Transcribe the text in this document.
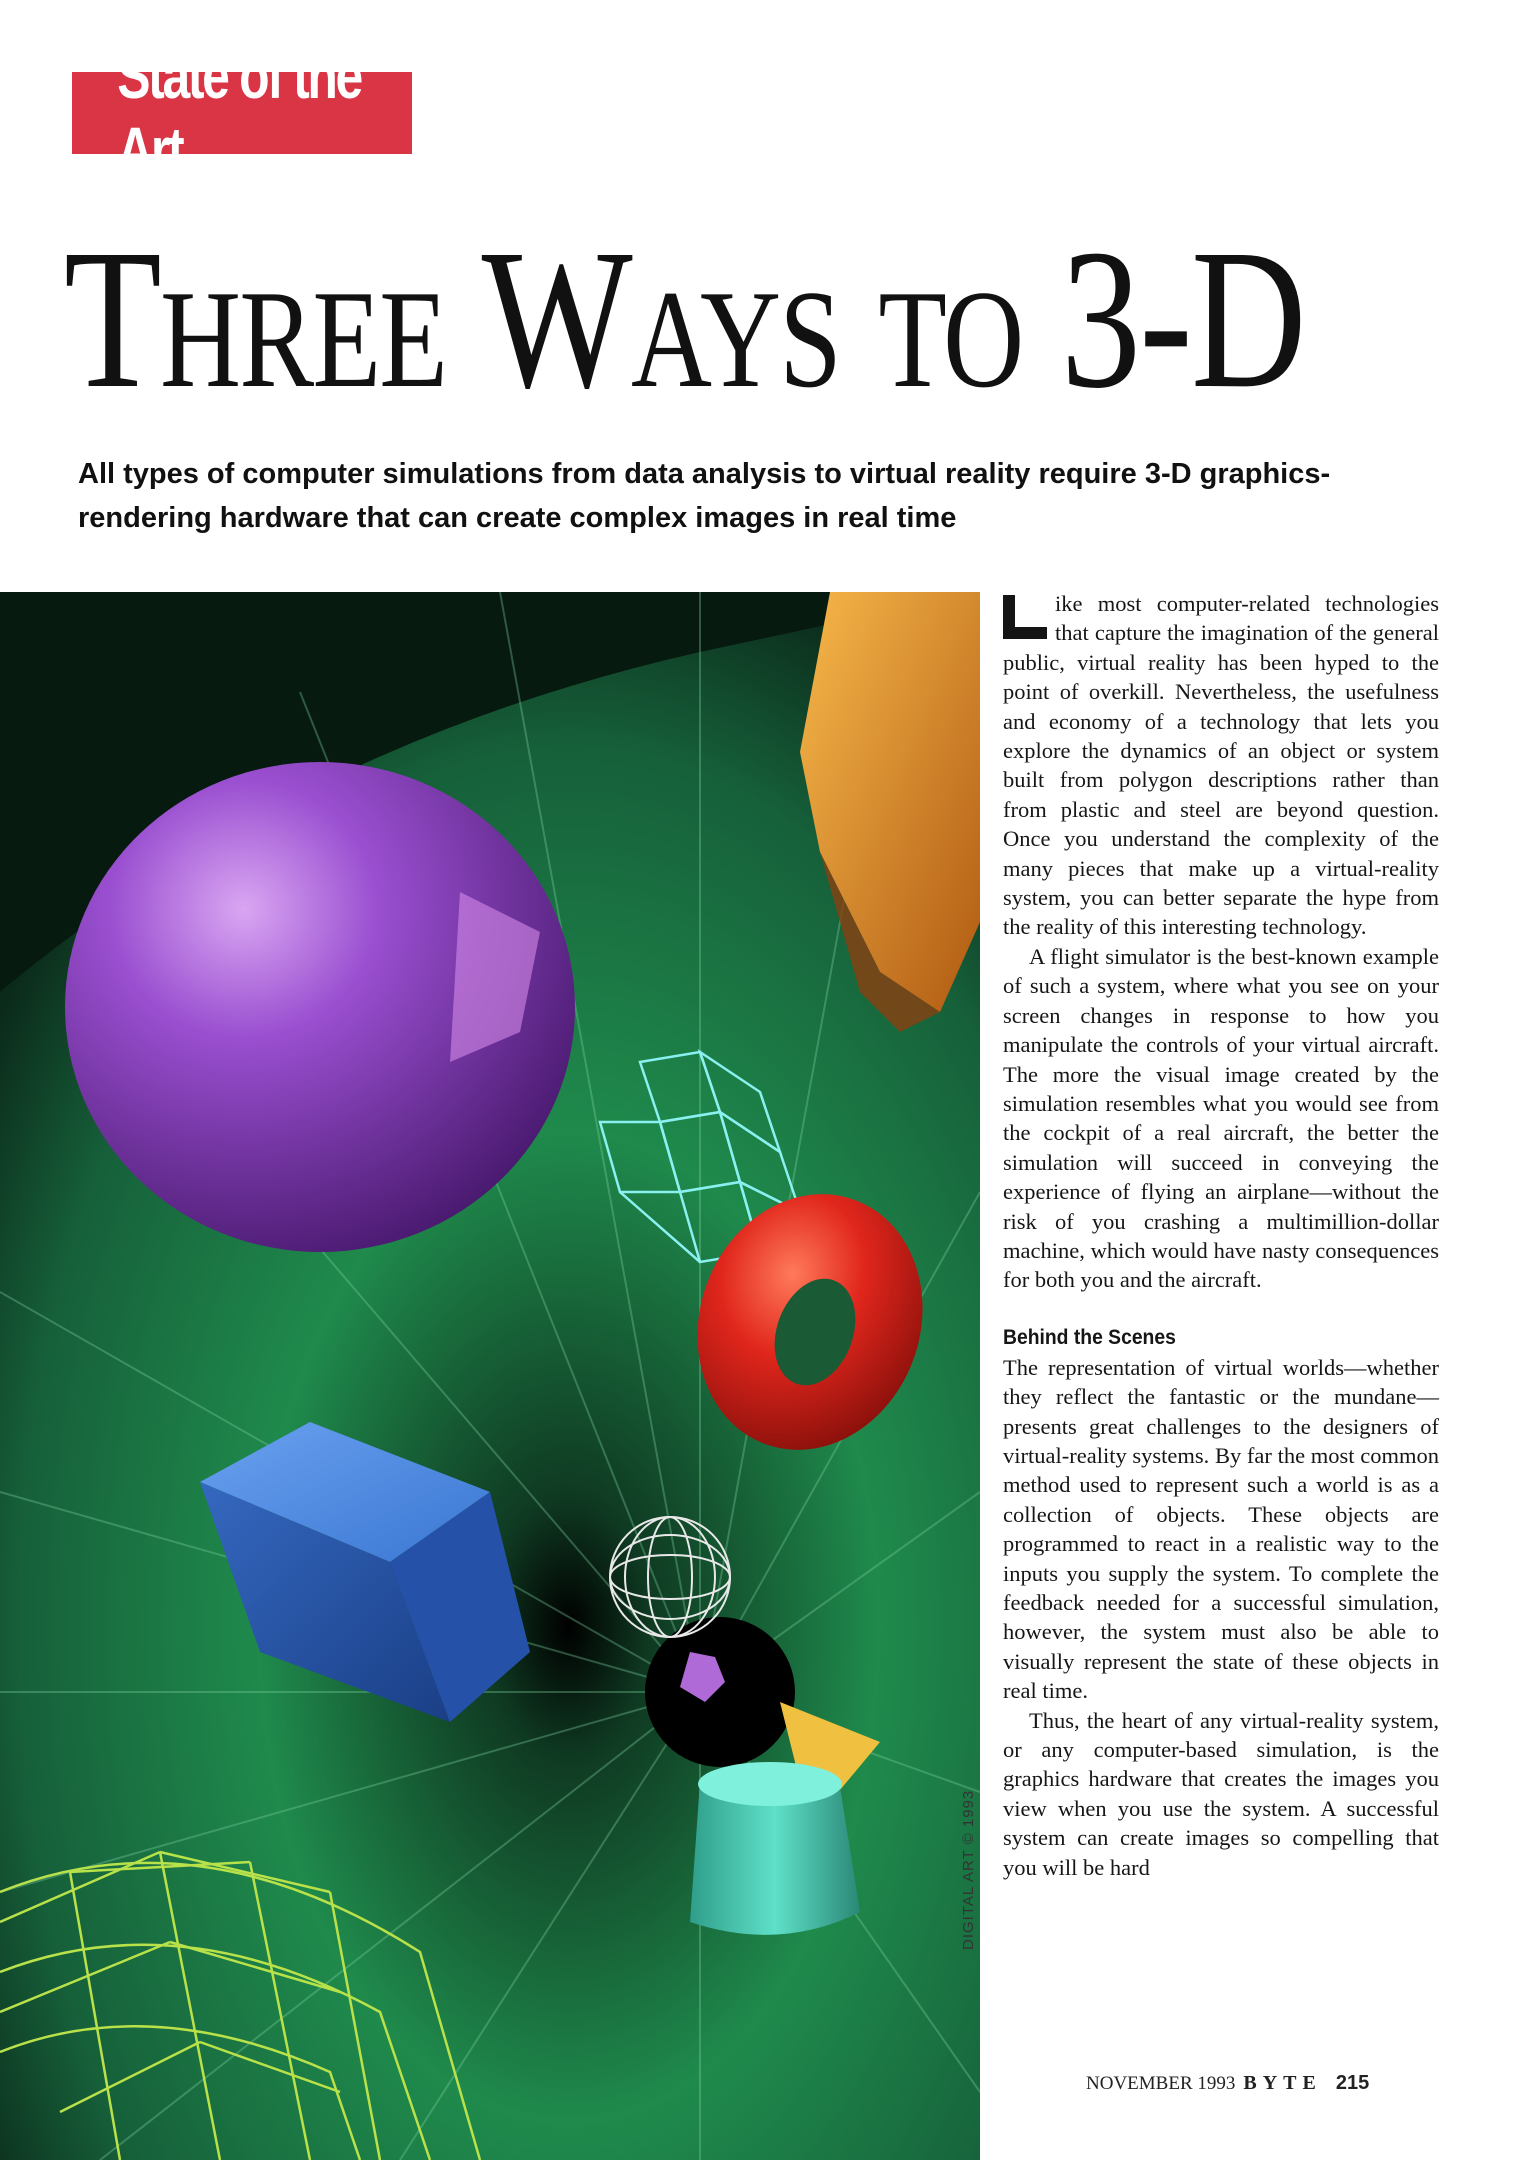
State of the Art
Three Ways to 3-D
All types of computer simulations from data analysis to virtual reality require 3-D graphics-rendering hardware that can create complex images in real time
DIGITAL ART © 1993

ike most computer-related technologies that capture the imagination of the general public, virtual reality has been hyped to the point of overkill. Nevertheless, the usefulness and economy of a technology that lets you explore the dynamics of an object or system built from polygon descriptions rather than from plastic and steel are beyond question. Once you understand the complexity of the many pieces that make up a virtual-reality system, you can better separate the hype from the reality of this interesting technology.

A flight simulator is the best-known example of such a system, where what you see on your screen changes in response to how you manipulate the controls of your virtual aircraft. The more the visual image created by the simulation resembles what you would see from the cockpit of a real aircraft, the better the simulation will succeed in conveying the experience of flying an airplane—without the risk of you crashing a multimillion-dollar machine, which would have nasty consequences for both you and the aircraft.

Behind the Scenes

The representation of virtual worlds—whether they reflect the fantastic or the mundane—presents great challenges to the designers of virtual-reality systems. By far the most common method used to represent such a world is as a collection of objects. These objects are programmed to react in a realistic way to the inputs you supply the system. To complete the feedback needed for a successful simulation, however, the system must also be able to visually represent the state of these objects in real time.

Thus, the heart of any virtual-reality system, or any computer-based simulation, is the graphics hardware that creates the images you view when you use the system. A successful system can create images so compelling that you will be hard

NOVEMBER 1993 BYTE 215
